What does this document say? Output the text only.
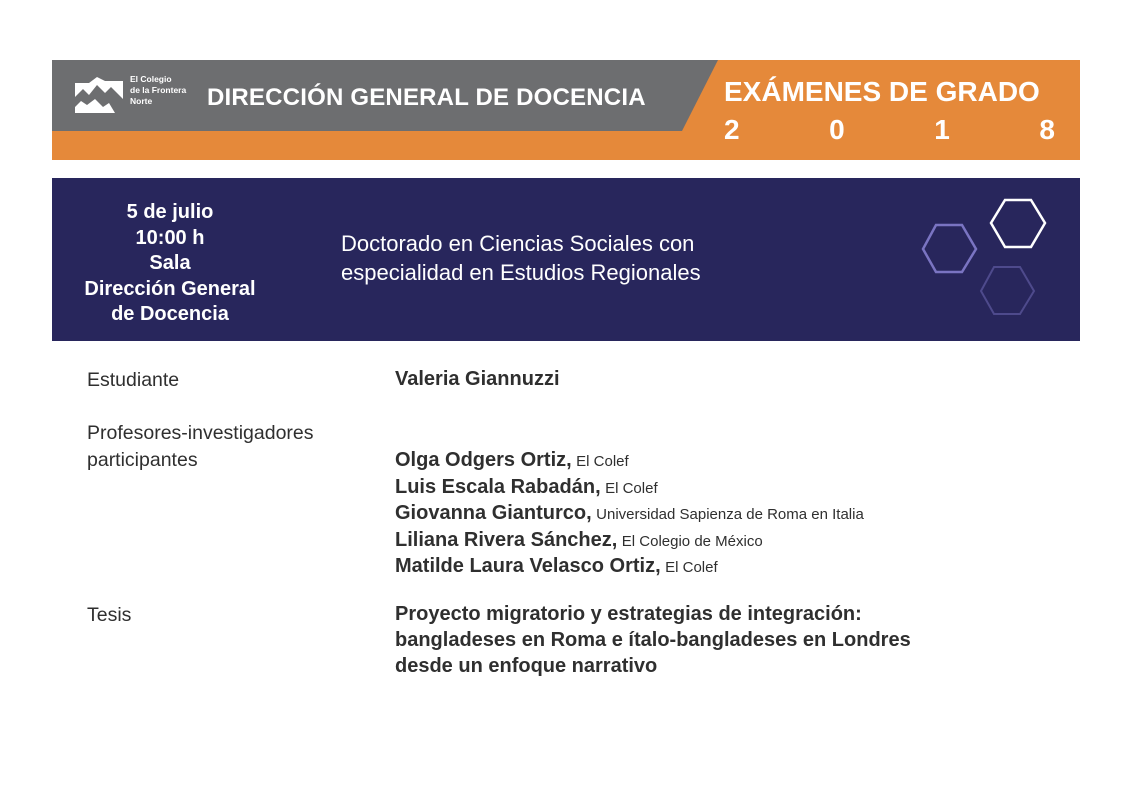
El Colegio
de la Frontera
Norte	DIRECCIÓN GENERAL DE DOCENCIA	EXÁMENES DE GRADO
2	0	1	8
5 de julio
10:00 h
Sala
Dirección General
de Docencia
Doctorado en Ciencias Sociales con
especialidad en Estudios Regionales
Estudiante	Valeria Giannuzzi
Profesores-investigadores
participantes	Olga Odgers Ortiz, El Colef
Luis Escala Rabadán, El Colef
Giovanna Gianturco, Universidad Sapienza de Roma en Italia
Liliana Rivera Sánchez, El Colegio de México
Matilde Laura Velasco Ortiz, El Colef
Tesis	Proyecto migratorio y estrategias de integración:
bangladeses en Roma e ítalo-bangladeses en Londres
desde un enfoque narrativo
